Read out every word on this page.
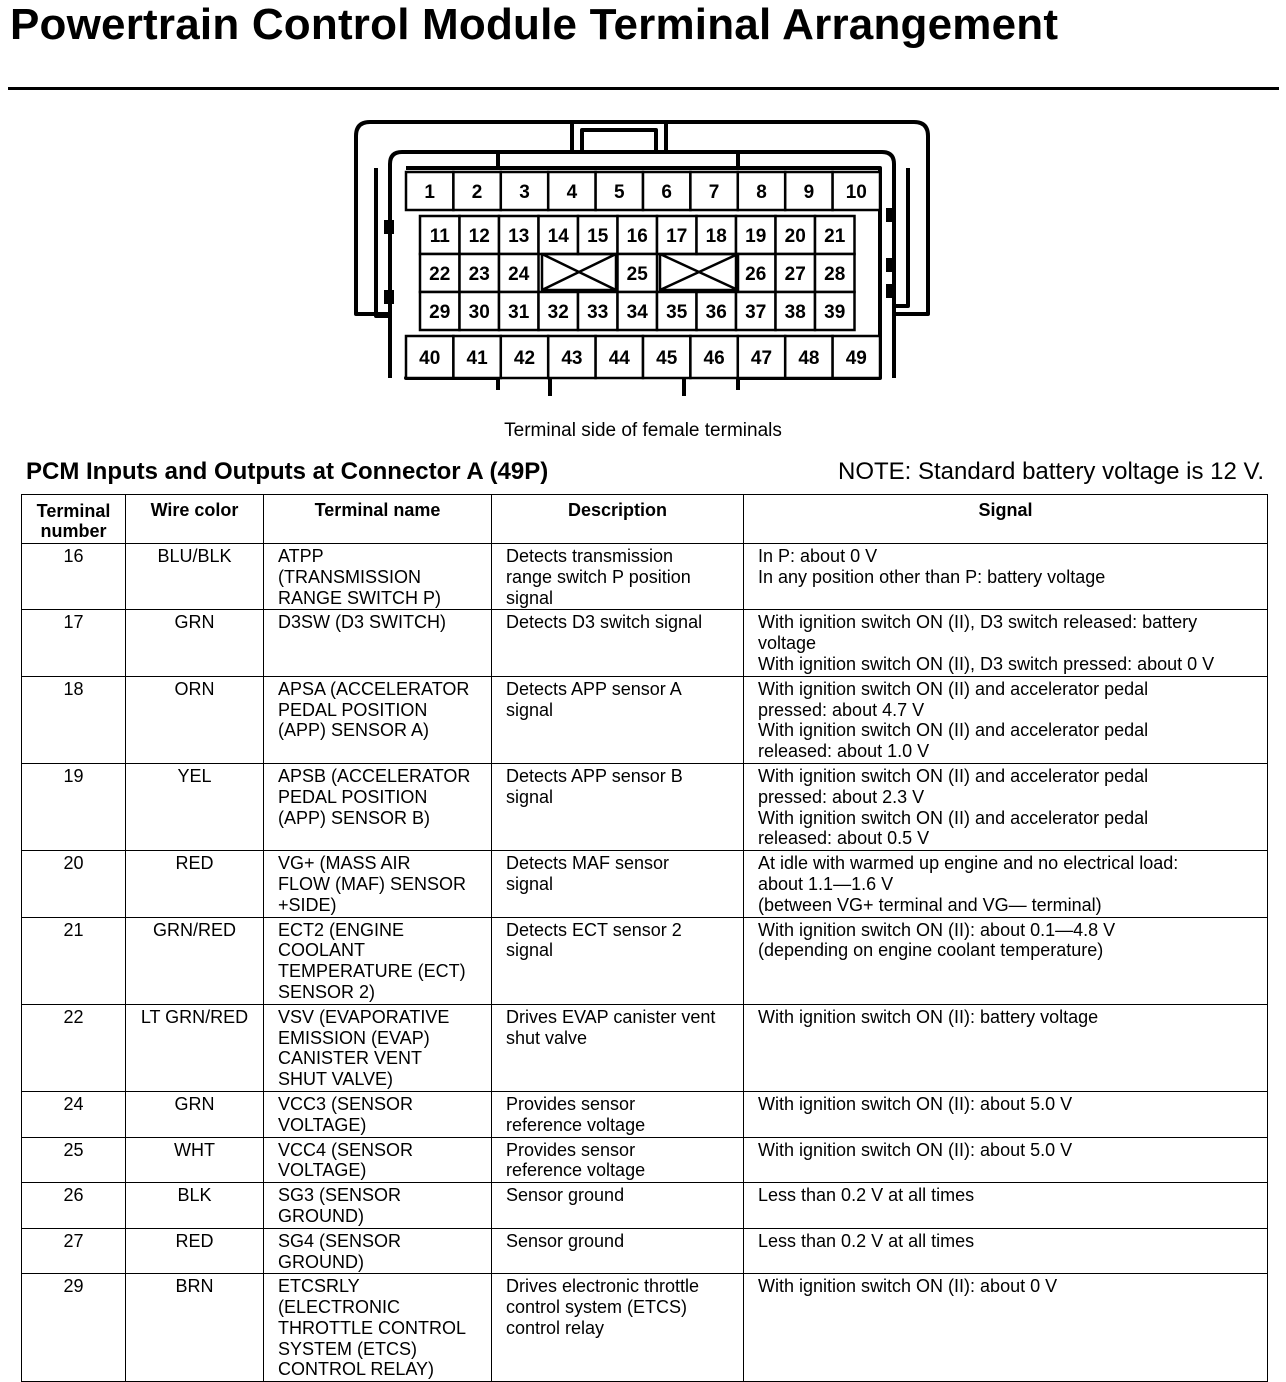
Powertrain Control Module Terminal Arrangement
1 2 3 4 5 6 7 8 9 10
11 12 13 14 15 16 17 18 19 20 21
22 23 24	25	26 27 28
29 30 31 32 33 34 35 36 37 38 39
40 41 42 43 44 45 46 47 48 49
Terminal side of female terminals
PCM Inputs and Outputs at Connector A (49P)	NOTE: Standard battery voltage is 12 V.
Terminal
number	Wire color	Terminal name	Description	Signal
16	BLU/BLK	ATPP
(TRANSMISSION
RANGE SWITCH P)	Detects transmission
range switch P position
signal	In P: about 0 V
In any position other than P: battery voltage

17	GRN	D3SW (D3 SWITCH)	Detects D3 switch signal	With ignition switch ON (II), D3 switch released: battery
voltage
With ignition switch ON (II), D3 switch pressed: about 0 V

18	ORN	APSA (ACCELERATOR
PEDAL POSITION
(APP) SENSOR A)	Detects APP sensor A
signal	With ignition switch ON (II) and accelerator pedal
pressed: about 4.7 V
With ignition switch ON (II) and accelerator pedal
released: about 1.0 V

19	YEL	APSB (ACCELERATOR
PEDAL POSITION
(APP) SENSOR B)	Detects APP sensor B
signal	With ignition switch ON (II) and accelerator pedal
pressed: about 2.3 V
With ignition switch ON (II) and accelerator pedal
released: about 0.5 V

20	RED	VG+ (MASS AIR
FLOW (MAF) SENSOR
+SIDE)	Detects MAF sensor
signal	At idle with warmed up engine and no electrical load:
about 1.1—1.6 V
(between VG+ terminal and VG— terminal)

21	GRN/RED	ECT2 (ENGINE
COOLANT
TEMPERATURE (ECT)
SENSOR 2)	Detects ECT sensor 2
signal	With ignition switch ON (II): about 0.1—4.8 V
(depending on engine coolant temperature)

22	LT GRN/RED	VSV (EVAPORATIVE
EMISSION (EVAP)
CANISTER VENT
SHUT VALVE)	Drives EVAP canister vent
shut valve	With ignition switch ON (II): battery voltage

24	GRN	VCC3 (SENSOR
VOLTAGE)	Provides sensor
reference voltage	With ignition switch ON (II): about 5.0 V

25	WHT	VCC4 (SENSOR
VOLTAGE)	Provides sensor
reference voltage	With ignition switch ON (II): about 5.0 V

26	BLK	SG3 (SENSOR
GROUND)	Sensor ground	Less than 0.2 V at all times

27	RED	SG4 (SENSOR
GROUND)	Sensor ground	Less than 0.2 V at all times

29	BRN	ETCSRLY
(ELECTRONIC
THROTTLE CONTROL
SYSTEM (ETCS)
CONTROL RELAY)	Drives electronic throttle
control system (ETCS)
control relay	With ignition switch ON (II): about 0 V
